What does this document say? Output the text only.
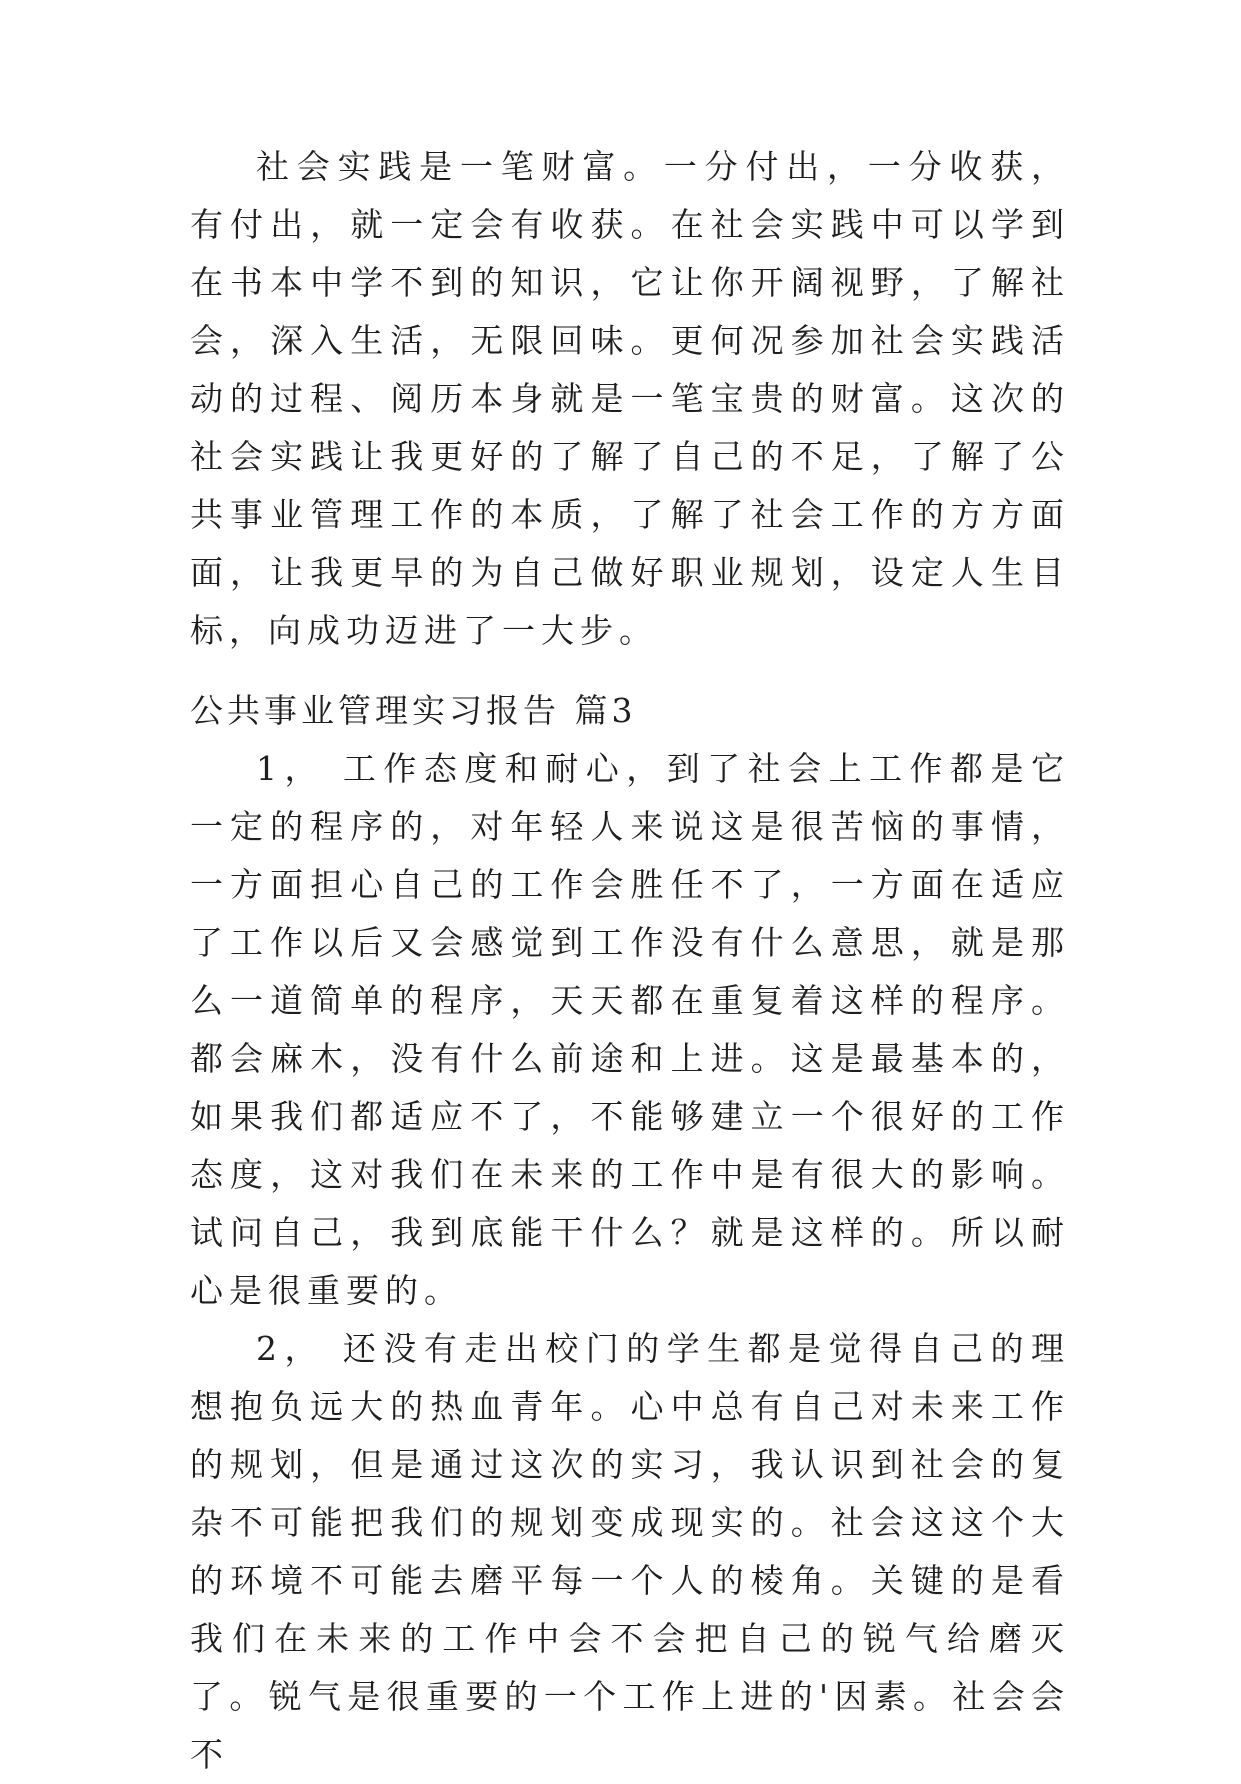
社会实践是一笔财富。一分付出，一分收获，有付出，就一定会有收获。在社会实践中可以学到在书本中学不到的知识，它让你开阔视野，了解社会，深入生活，无限回味。更何况参加社会实践活动的过程、阅历本身就是一笔宝贵的财富。这次的社会实践让我更好的了解了自己的不足，了解了公共事业管理工作的本质，了解了社会工作的方方面面，让我更早的为自己做好职业规划，设定人生目标，向成功迈进了一大步。

公共事业管理实习报告 篇3

1， 工作态度和耐心，到了社会上工作都是它一定的程序的，对年轻人来说这是很苦恼的事情，一方面担心自己的工作会胜任不了，一方面在适应了工作以后又会感觉到工作没有什么意思，就是那么一道简单的程序，天天都在重复着这样的程序。都会麻木，没有什么前途和上进。这是最基本的，如果我们都适应不了，不能够建立一个很好的工作态度，这对我们在未来的工作中是有很大的影响。试问自己，我到底能干什么？就是这样的。所以耐心是很重要的。

2， 还没有走出校门的学生都是觉得自己的理想抱负远大的热血青年。心中总有自己对未来工作的规划，但是通过这次的实习，我认识到社会的复杂不可能把我们的规划变成现实的。社会这这个大的环境不可能去磨平每一个人的棱角。关键的是看我们在未来的工作中会不会把自己的锐气给磨灭了。锐气是很重要的一个工作上进的'因素。社会会不
